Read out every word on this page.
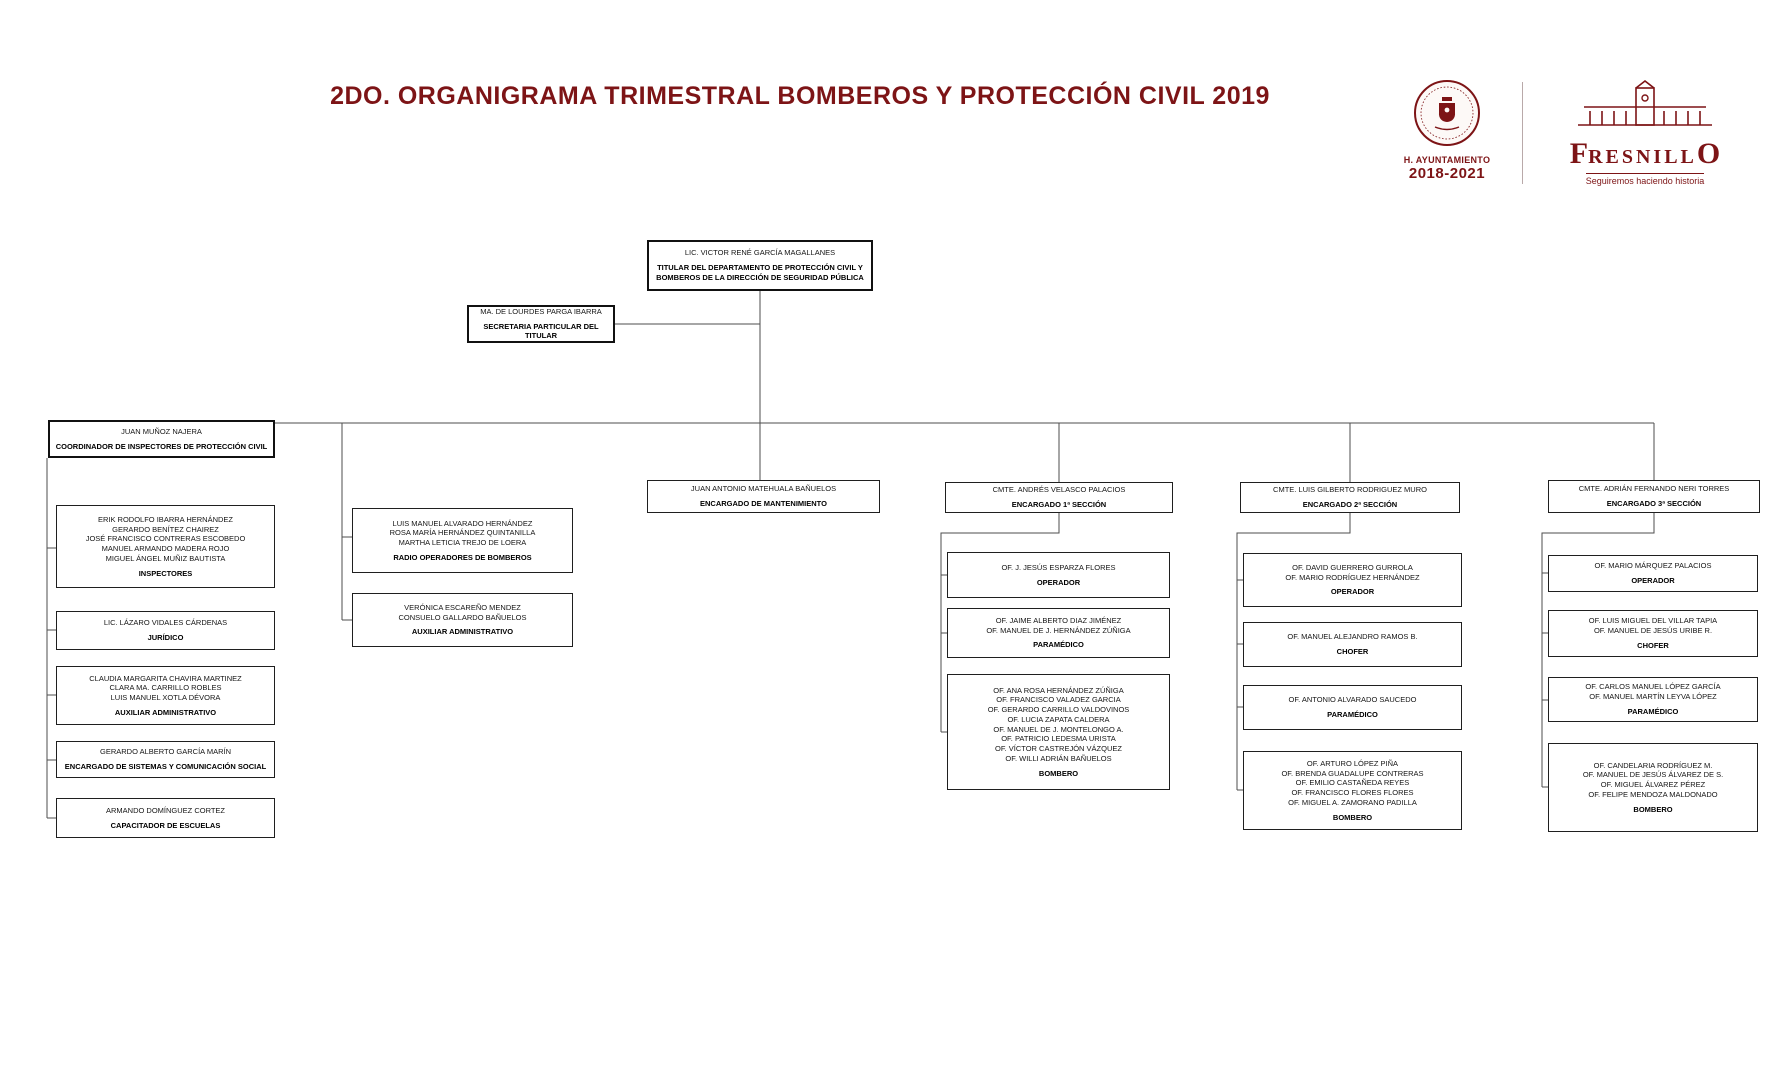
2DO. ORGANIGRAMA TRIMESTRAL BOMBEROS Y PROTECCIÓN CIVIL 2019
H. AYUNTAMIENTO
2018-2021
F RESNILL O
Seguiremos haciendo historia
LIC. VICTOR RENÉ GARCÍA MAGALLANES
TITULAR DEL DEPARTAMENTO DE PROTECCIÓN CIVIL Y BOMBEROS DE LA DIRECCIÓN DE SEGURIDAD PÚBLICA
MA. DE LOURDES PARGA IBARRA
SECRETARIA PARTICULAR DEL TITULAR
JUAN MUÑOZ NAJERA
COORDINADOR DE INSPECTORES DE PROTECCIÓN CIVIL
ERIK RODOLFO IBARRA HERNÁNDEZ
GERARDO BENÍTEZ CHAIREZ
JOSÉ FRANCISCO CONTRERAS ESCOBEDO
MANUEL ARMANDO MADERA ROJO
MIGUEL ÁNGEL MUÑIZ BAUTISTA
INSPECTORES
LIC. LÁZARO VIDALES CÁRDENAS
JURÍDICO
CLAUDIA MARGARITA CHAVIRA MARTINEZ
CLARA MA. CARRILLO ROBLES
LUIS MANUEL XOTLA DÉVORA
AUXILIAR ADMINISTRATIVO
GERARDO ALBERTO GARCÍA MARÍN
ENCARGADO DE SISTEMAS Y COMUNICACIÓN SOCIAL
ARMANDO DOMÍNGUEZ CORTEZ
CAPACITADOR DE ESCUELAS
LUIS MANUEL ALVARADO HERNÁNDEZ
ROSA MARÍA HERNÁNDEZ QUINTANILLA
MARTHA LETICIA TREJO DE LOERA
RADIO OPERADORES DE BOMBEROS
VERÓNICA ESCAREÑO MENDEZ
CONSUELO GALLARDO BAÑUELOS
AUXILIAR ADMINISTRATIVO
JUAN ANTONIO MATEHUALA BAÑUELOS
ENCARGADO DE MANTENIMIENTO
CMTE. ANDRÉS VELASCO PALACIOS
ENCARGADO 1ª SECCIÓN
OF. J. JESÚS ESPARZA FLORES
OPERADOR
OF. JAIME ALBERTO DIAZ JIMÉNEZ
OF. MANUEL DE J. HERNÁNDEZ ZÚÑIGA
PARAMÉDICO
OF. ANA ROSA HERNÁNDEZ ZÚÑIGA
OF. FRANCISCO VALADEZ GARCIA
OF. GERARDO CARRILLO VALDOVINOS
OF. LUCIA ZAPATA CALDERA
OF. MANUEL DE J. MONTELONGO A.
OF. PATRICIO LEDESMA URISTA
OF. VÍCTOR CASTREJÓN VÁZQUEZ
OF. WILLI ADRIÁN BAÑUELOS
BOMBERO
CMTE. LUIS GILBERTO RODRIGUEZ MURO
ENCARGADO 2ª SECCIÓN
OF. DAVID GUERRERO GURROLA
OF. MARIO RODRÍGUEZ HERNÁNDEZ
OPERADOR
OF. MANUEL ALEJANDRO RAMOS B.
CHOFER
OF. ANTONIO ALVARADO SAUCEDO
PARAMÉDICO
OF. ARTURO LÓPEZ PIÑA
OF. BRENDA GUADALUPE CONTRERAS
OF. EMILIO CASTAÑEDA REYES
OF. FRANCISCO FLORES FLORES
OF. MIGUEL A. ZAMORANO PADILLA
BOMBERO
CMTE. ADRIÁN FERNANDO NERI TORRES
ENCARGADO 3ª SECCIÓN
OF. MARIO MÁRQUEZ PALACIOS
OPERADOR
OF. LUIS MIGUEL DEL VILLAR TAPIA
OF. MANUEL DE JESÚS URIBE R.
CHOFER
OF. CARLOS MANUEL LÓPEZ GARCÍA
OF. MANUEL MARTÍN LEYVA LÓPEZ
PARAMÉDICO
OF. CANDELARIA RODRÍGUEZ M.
OF. MANUEL DE JESÚS ÁLVAREZ DE S.
OF. MIGUEL ÁLVAREZ PÉREZ
OF. FELIPE MENDOZA MALDONADO
BOMBERO
